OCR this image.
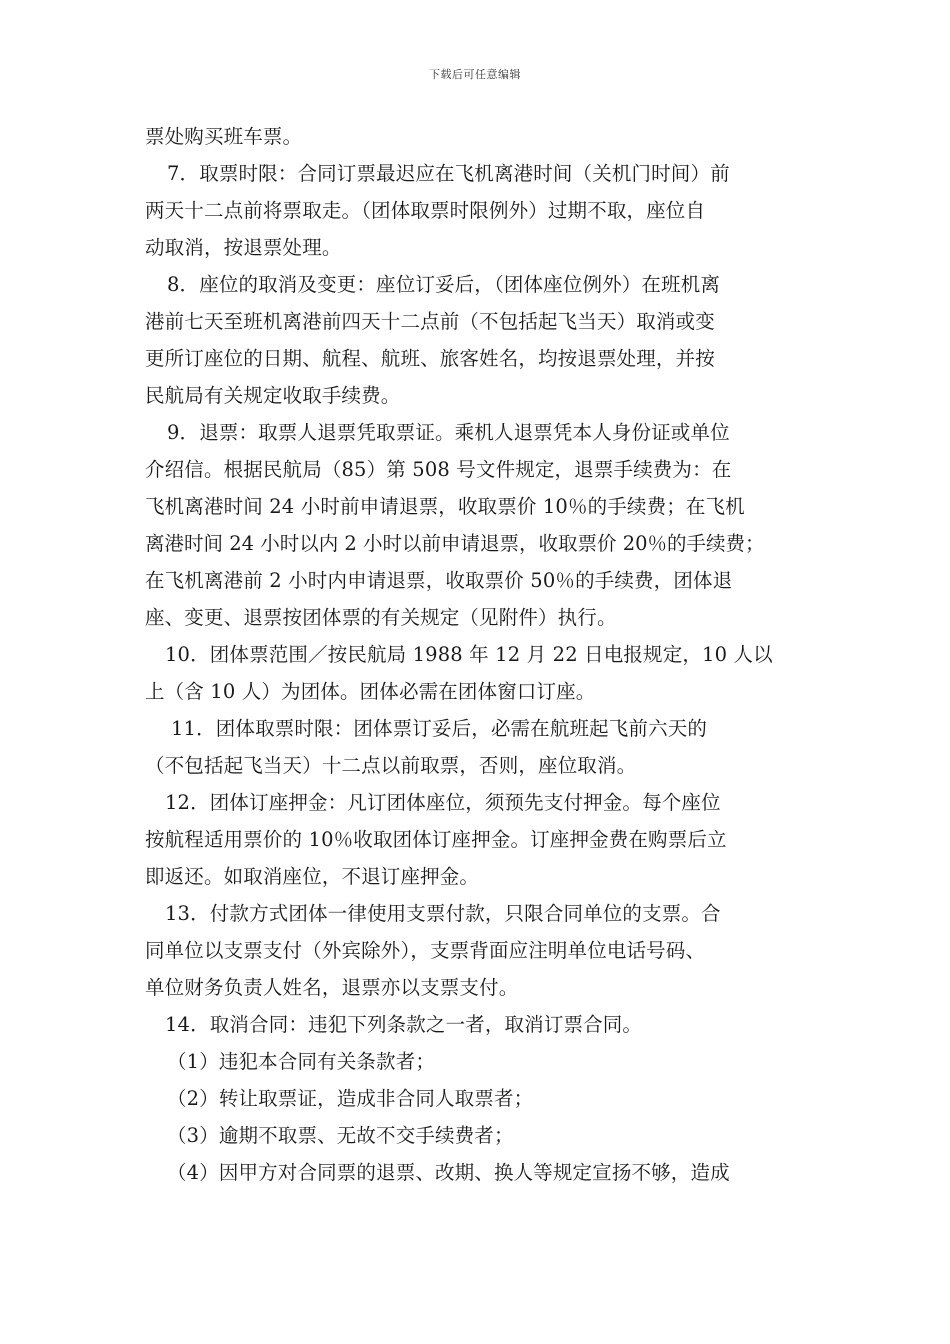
下载后可任意编辑
票处购买班车票。
7．取票时限：合同订票最迟应在飞机离港时间（关机门时间）前
两天十二点前将票取走。（团体取票时限例外）过期不取，座位自
动取消，按退票处理。
8．座位的取消及变更：座位订妥后，（团体座位例外）在班机离
港前七天至班机离港前四天十二点前（不包括起飞当天）取消或变
更所订座位的日期、航程、航班、旅客姓名，均按退票处理，并按
民航局有关规定收取手续费。
9．退票：取票人退票凭取票证。乘机人退票凭本人身份证或单位
介绍信。根据民航局（85）第 508 号文件规定，退票手续费为：在
飞机离港时间 24 小时前申请退票，收取票价 10％的手续费；在飞机
离港时间 24 小时以内 2 小时以前申请退票，收取票价 20％的手续费；
在飞机离港前 2 小时内申请退票，收取票价 50％的手续费，团体退
座、变更、退票按团体票的有关规定（见附件）执行。
10．团体票范围／按民航局 1988 年 12 月 22 日电报规定，10 人以
上（含 10 人）为团体。团体必需在团体窗口订座。
11．团体取票时限：团体票订妥后，必需在航班起飞前六天的
（不包括起飞当天）十二点以前取票，否则，座位取消。
12．团体订座押金：凡订团体座位，须预先支付押金。每个座位
按航程适用票价的 10％收取团体订座押金。订座押金费在购票后立
即返还。如取消座位，不退订座押金。
13．付款方式团体一律使用支票付款，只限合同单位的支票。合
同单位以支票支付（外宾除外），支票背面应注明单位电话号码、
单位财务负责人姓名，退票亦以支票支付。
14．取消合同：违犯下列条款之一者，取消订票合同。
（1）违犯本合同有关条款者；
（2）转让取票证，造成非合同人取票者；
（3）逾期不取票、无故不交手续费者；
（4）因甲方对合同票的退票、改期、换人等规定宣扬不够，造成
